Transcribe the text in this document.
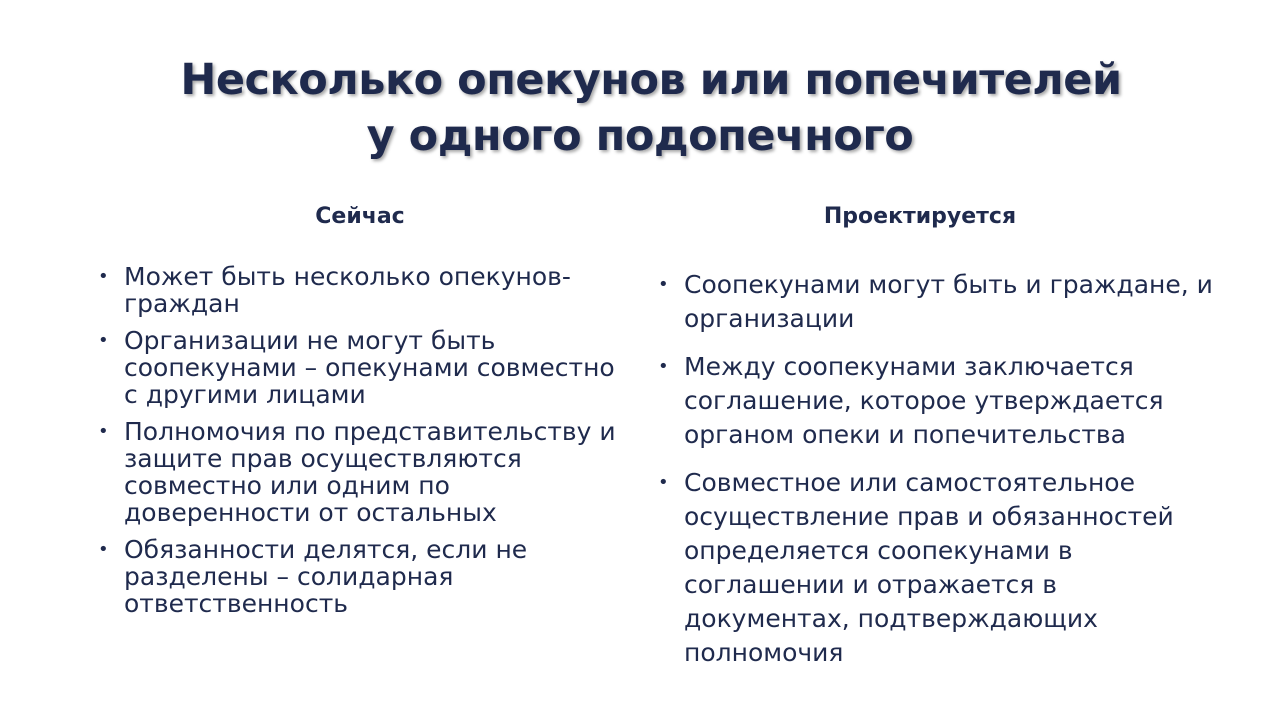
Несколько опекунов или попечителей
у одного подопечного
Сейчас	Проектируется
• Может быть несколько опекунов-граждан
• Организации не могут быть соопекунами – опекунами совместно с другими лицами
• Полномочия по представительству и защите прав осуществляются совместно или одним по доверенности от остальных
• Обязанности делятся, если не разделены – солидарная ответственность
• Соопекунами могут быть и граждане, и организации
• Между соопекунами заключается соглашение, которое утверждается органом опеки и попечительства
• Совместное или самостоятельное осуществление прав и обязанностей определяется соопекунами в соглашении и отражается в документах, подтверждающих полномочия
